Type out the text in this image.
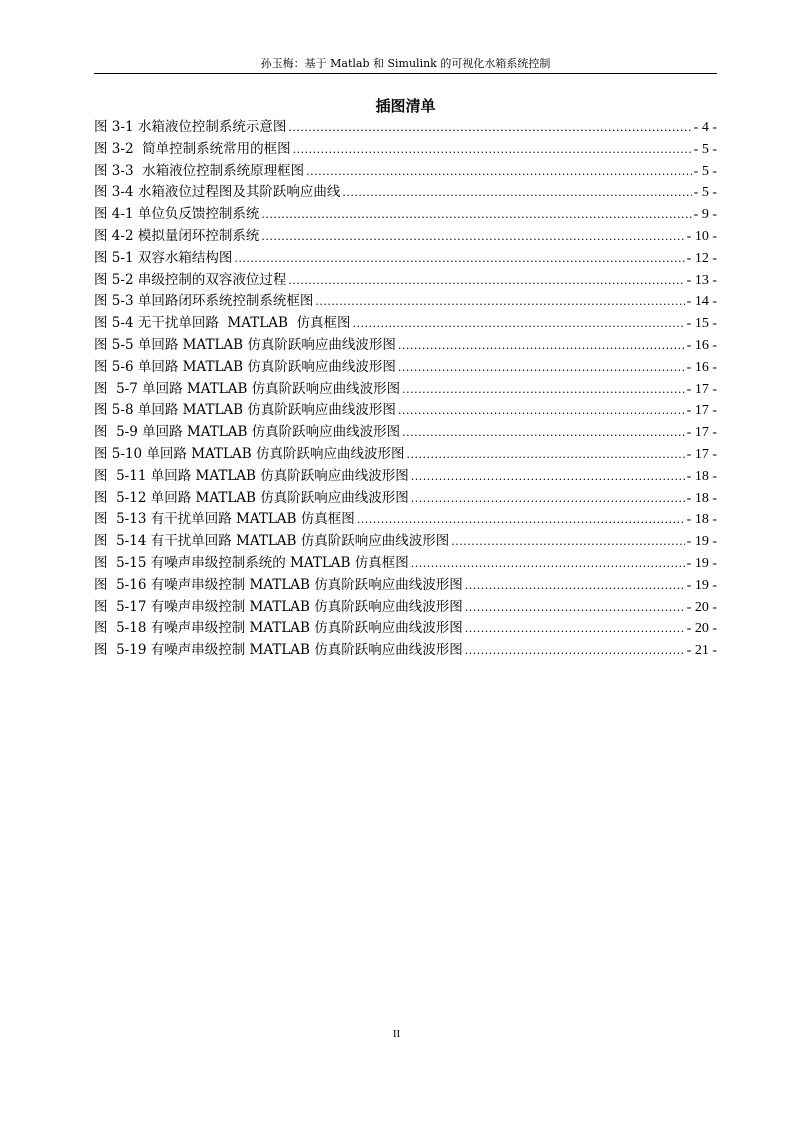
孙玉梅：基于 Matlab 和 Simulink 的可视化水箱系统控制
插图清单
图 3-1 水箱液位控制系统示意图 .....	- 4 -
图 3-2  简单控制系统常用的框图 .....	- 5 -
图 3-3  水箱液位控制系统原理框图 .....	- 5 -
图 3-4 水箱液位过程图及其阶跃响应曲线 .....	- 5 -
图 4-1 单位负反馈控制系统 .....	- 9 -
图 4-2 模拟量闭环控制系统 .....	- 10 -
图 5-1 双容水箱结构图 .....	- 12 -
图 5-2 串级控制的双容液位过程 .....	- 13 -
图 5-3 单回路闭环系统控制系统框图 .....	- 14 -
图 5-4 无干扰单回路  MATLAB  仿真框图 .....	- 15 -
图 5-5 单回路 MATLAB 仿真阶跃响应曲线波形图 .....	- 16 -
图 5-6 单回路 MATLAB 仿真阶跃响应曲线波形图 .....	- 16 -
图  5-7 单回路 MATLAB 仿真阶跃响应曲线波形图 .....	- 17 -
图 5-8 单回路 MATLAB 仿真阶跃响应曲线波形图 .....	- 17 -
图  5-9 单回路 MATLAB 仿真阶跃响应曲线波形图 .....	- 17 -
图 5-10 单回路 MATLAB 仿真阶跃响应曲线波形图 .....	- 17 -
图  5-11 单回路 MATLAB 仿真阶跃响应曲线波形图 .....	- 18 -
图  5-12 单回路 MATLAB 仿真阶跃响应曲线波形图 .....	- 18 -
图  5-13 有干扰单回路 MATLAB 仿真框图 .....	- 18 -
图  5-14 有干扰单回路 MATLAB 仿真阶跃响应曲线波形图 .....	- 19 -
图  5-15 有噪声串级控制系统的 MATLAB 仿真框图 .....	- 19 -
图  5-16 有噪声串级控制 MATLAB 仿真阶跃响应曲线波形图 .....	- 19 -
图  5-17 有噪声串级控制 MATLAB 仿真阶跃响应曲线波形图 .....	- 20 -
图  5-18 有噪声串级控制 MATLAB 仿真阶跃响应曲线波形图 .....	- 20 -
图  5-19 有噪声串级控制 MATLAB 仿真阶跃响应曲线波形图 .....	- 21 -
II
